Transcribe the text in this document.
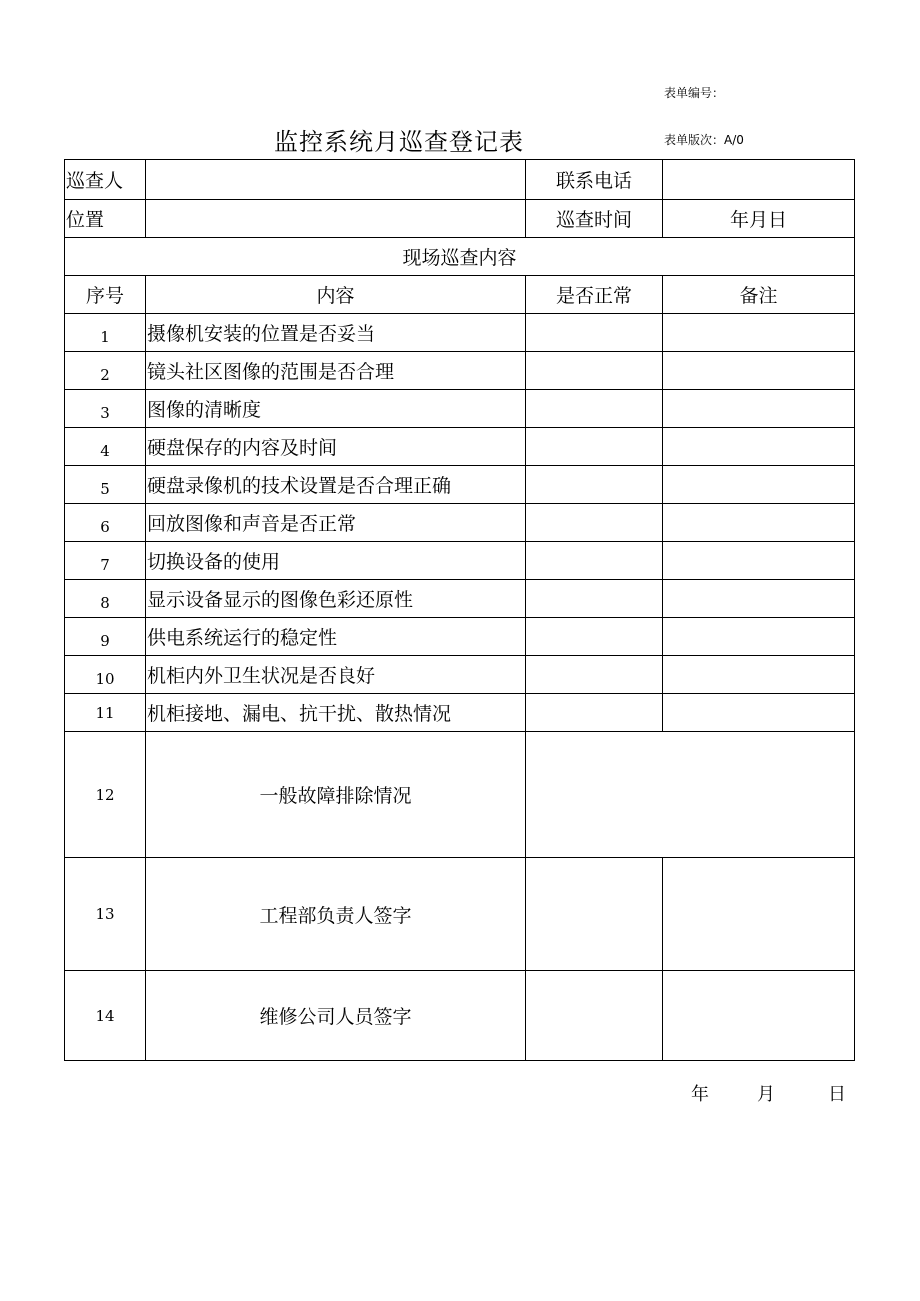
表单编号：
监控系统月巡查登记表	表单版次：A/0
巡查人		联系电话	
位置		巡查时间	年月日
现场巡查内容			
序号	内容	是否正常	备注
1	摄像机安装的位置是否妥当		
2	镜头社区图像的范围是否合理		
3	图像的清晰度		
4	硬盘保存的内容及时间		
5	硬盘录像机的技术设置是否合理正确		
6	回放图像和声音是否正常		
7	切换设备的使用		
8	显示设备显示的图像色彩还原性		
9	供电系统运行的稳定性		
10	机柜内外卫生状况是否良好		
11	机柜接地、漏电、抗干扰、散热情况		
12	一般故障排除情况		
13	工程部负责人签字		
14	维修公司人员签字		
年	月	日
